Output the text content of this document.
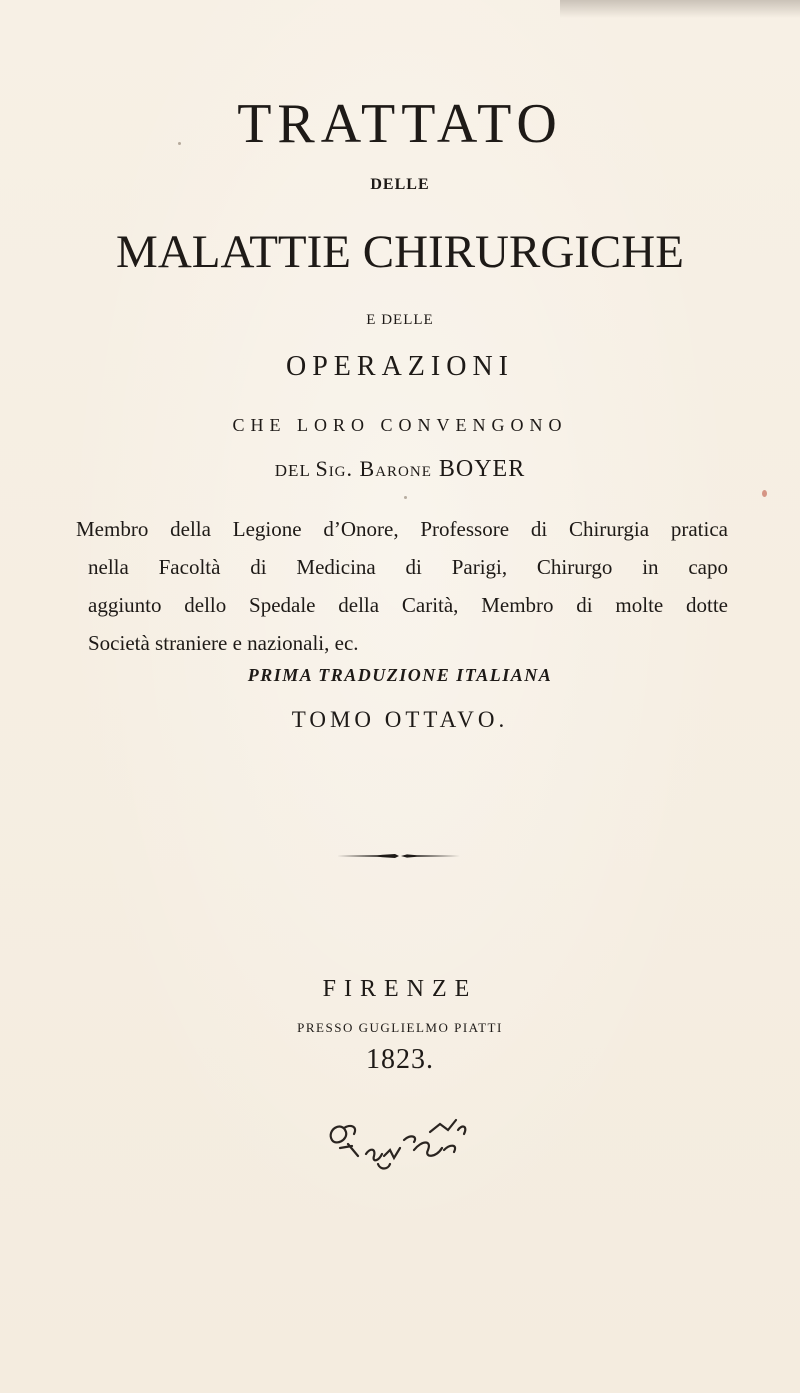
TRATTATO
DELLE
MALATTIE CHIRURGICHE
E DELLE
OPERAZIONI
CHE LORO CONVENGONO
DEL Sig. Barone BOYER
Membro della Legione d’Onore, Professore di Chirurgia pratica
nella Facoltà di Medicina di Parigi, Chirurgo in capo
aggiunto dello Spedale della Carità, Membro di molte dotte
Società straniere e nazionali, ec.
PRIMA TRADUZIONE ITALIANA
TOMO OTTAVO.
FIRENZE
PRESSO GUGLIELMO PIATTI
1823.
